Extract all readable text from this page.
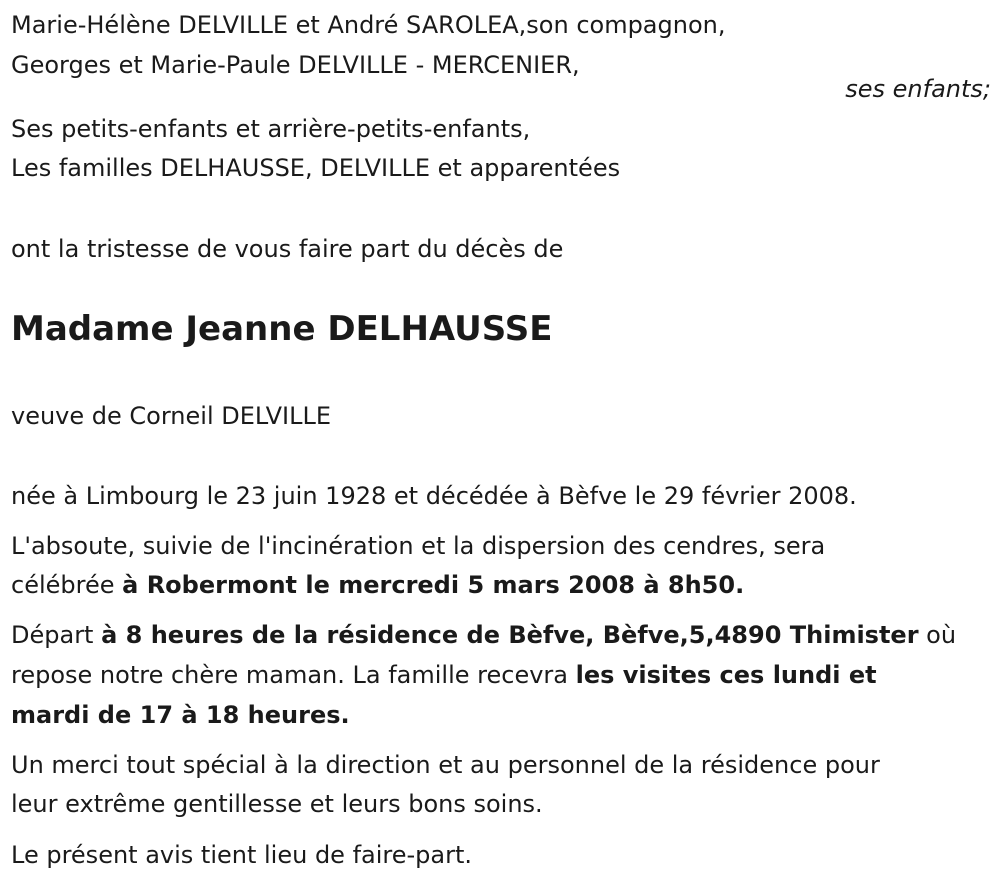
Marie-Hélène DELVILLE et André SAROLEA,son compagnon,
Georges et Marie-Paule DELVILLE - MERCENIER,
ses enfants;
Ses petits-enfants et arrière-petits-enfants,
Les familles DELHAUSSE, DELVILLE et apparentées
ont la tristesse de vous faire part du décès de
Madame Jeanne DELHAUSSE
veuve de Corneil DELVILLE
née à Limbourg le 23 juin 1928 et décédée à Bèfve le 29 février 2008.
L'absoute, suivie de l'incinération et la dispersion des cendres, sera
célébrée à Robermont le mercredi 5 mars 2008 à 8h50.
Départ à 8 heures de la résidence de Bèfve, Bèfve,5,4890 Thimister où
repose notre chère maman. La famille recevra les visites ces lundi et
mardi de 17 à 18 heures.
Un merci tout spécial à la direction et au personnel de la résidence pour
leur extrême gentillesse et leurs bons soins.
Le présent avis tient lieu de faire-part.
